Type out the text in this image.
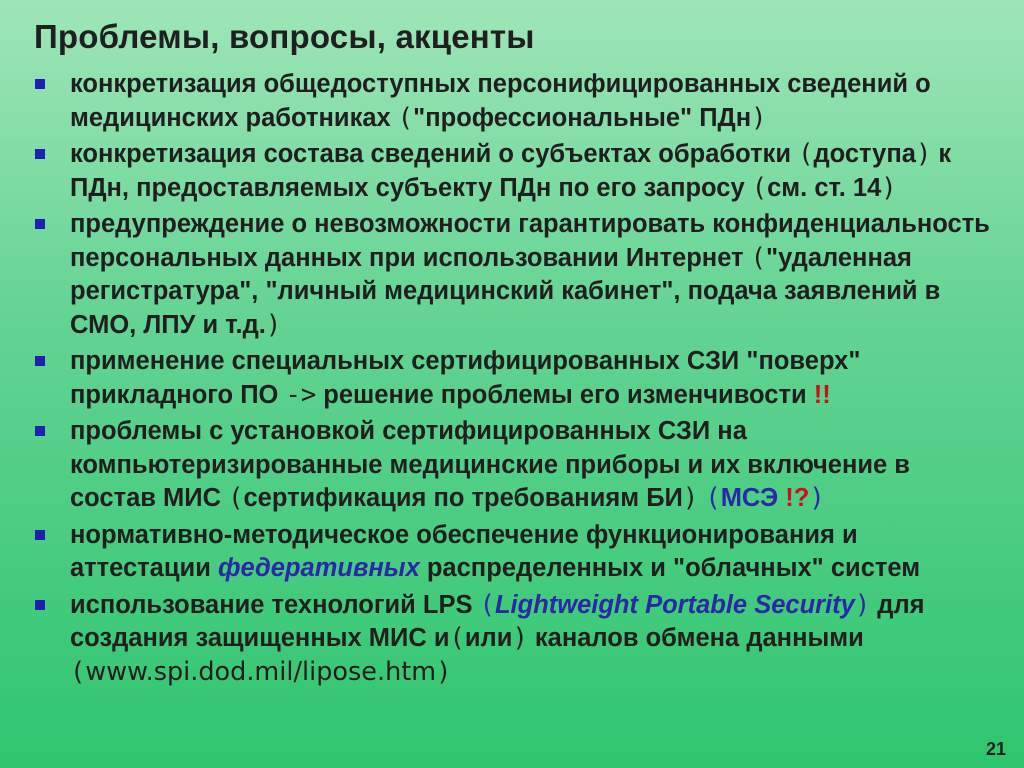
Проблемы, вопросы, акценты
конкретизация общедоступных персонифицированных сведений о медицинских работниках ("профессиональные" ПДн)
конкретизация состава сведений о субъектах обработки (доступа) к ПДн, предоставляемых субъекту ПДн по его запросу (см. ст. 14)
предупреждение о невозможности гарантировать конфиденциальность персональных данных при использовании Интернет ("удаленная регистратура", "личный медицинский кабинет", подача заявлений в СМО, ЛПУ и т.д.)
применение специальных сертифицированных СЗИ "поверх" прикладного ПО -> решение проблемы его изменчивости !!
проблемы с установкой сертифицированных СЗИ на компьютеризированные медицинские приборы и их включение в состав МИС (сертификация по требованиям БИ) (МСЭ !?)
нормативно-методическое обеспечение функционирования и аттестации федеративных распределенных и "облачных" систем
использование технологий LPS (Lightweight Portable Security) для создания защищенных МИС и(или) каналов обмена данными (www.spi.dod.mil/lipose.htm)
21
